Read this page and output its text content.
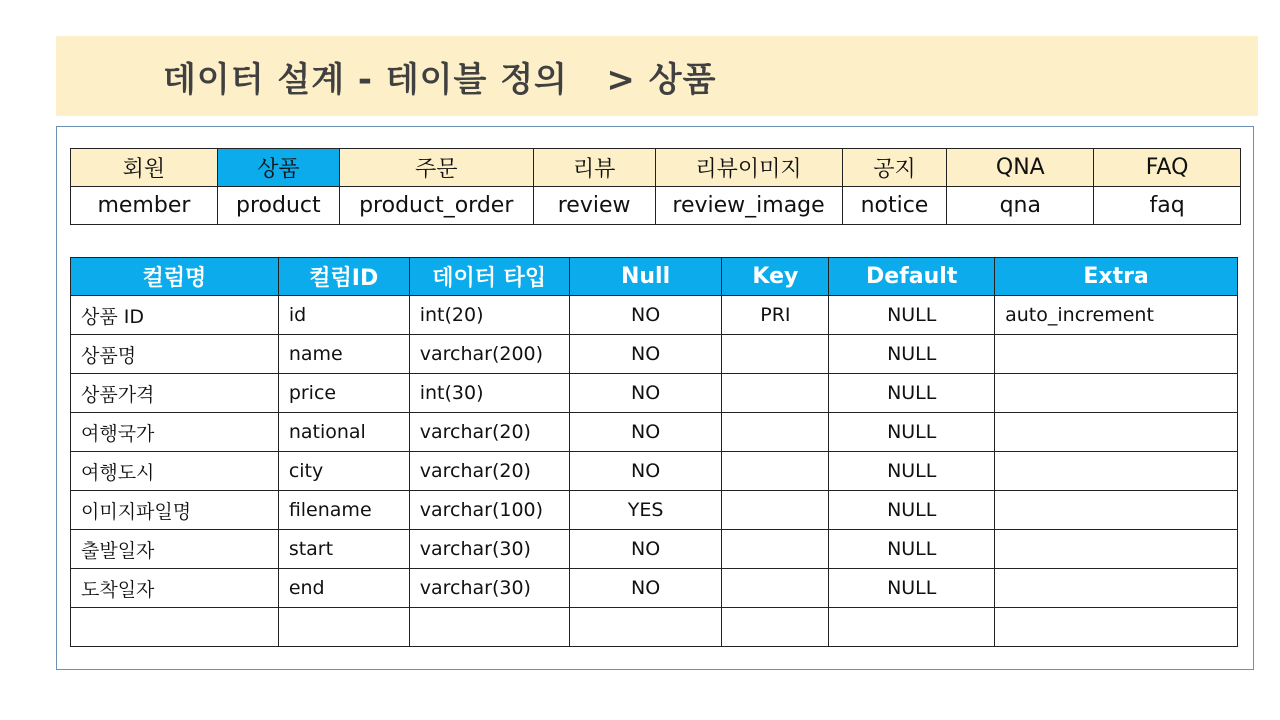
데이터 설계 - 테이블 정의   > 상품
회원	상품	주문	리뷰	리뷰이미지	공지	QNA	FAQ
member	product	product_order	review	review_image	notice	qna	faq
컬럼명	컬럼ID	데이터 타입	Null	Key	Default	Extra
상품 ID	id	int(20)	NO	PRI	NULL	auto_increment
상품명	name	varchar(200)	NO		NULL	
상품가격	price	int(30)	NO		NULL	
여행국가	national	varchar(20)	NO		NULL	
여행도시	city	varchar(20)	NO		NULL	
이미지파일명	filename	varchar(100)	YES		NULL	
출발일자	start	varchar(30)	NO		NULL	
도착일자	end	varchar(30)	NO		NULL	
